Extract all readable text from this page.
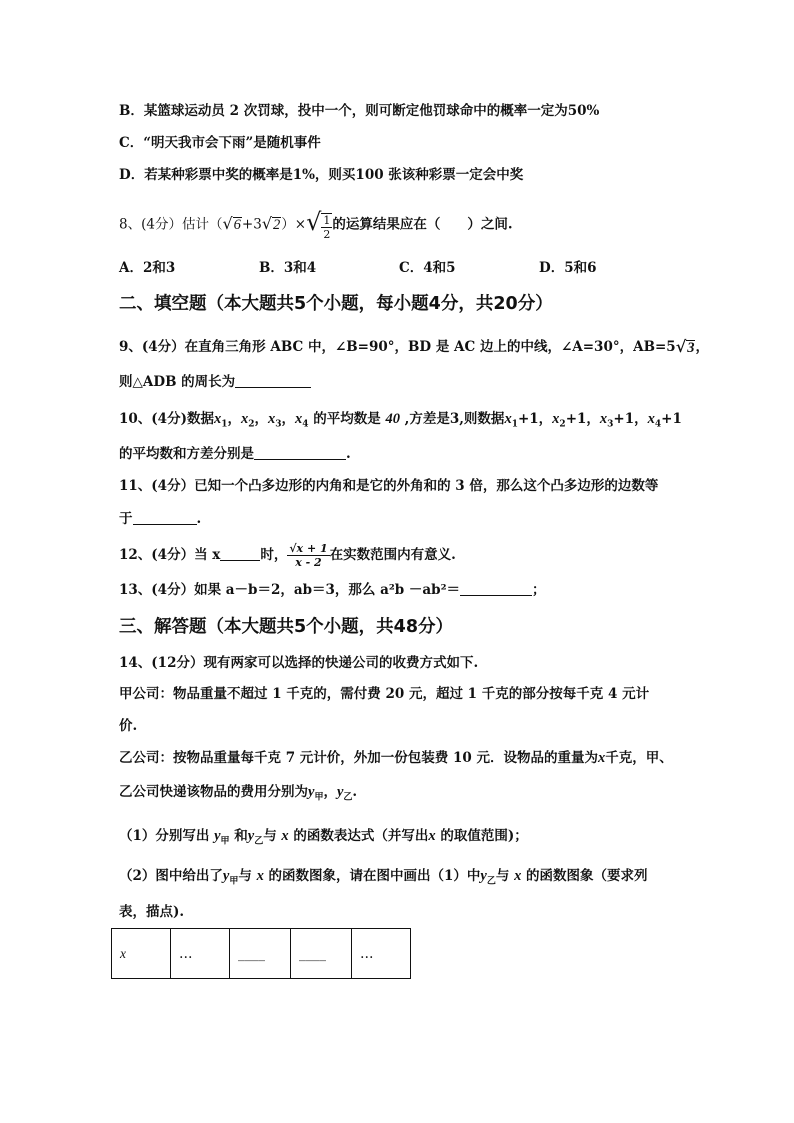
B．某篮球运动员 2 次罚球，投中一个，则可断定他罚球命中的概率一定为50%
C．“明天我市会下雨”是随机事件
D．若某种彩票中奖的概率是1%，则买100 张该种彩票一定会中奖
8、(4分）估计$(√6+3√2)\times√ \frac{1}{2}$ 的运算结果应在（　　）之间.
A．2和3	B．3和4	C．4和5	D．5和6
二、填空题（本大题共5个小题，每小题4分，共20分）
9、(4分）在直角三角形 ABC 中，∠B=90°，BD 是 AC 边上的中线，∠A=30°，AB=5√3，
则△ADB 的周长为
10、(4分)数据$x_1$，$x_2$，$x_3$，$x_4$ 的平均数是 40 ,方差是3,则数据$x_1+1$，$x_2+1$，$x_3+1$，$x_4+1$
的平均数和方差分别是	.
11、(4分）已知一个凸多边形的内角和是它的外角和的 3 倍，那么这个凸多边形的边数等
于	.
12、(4分）当 x	时， $\frac{√x + 1}{x - 2}$ 在实数范围内有意义.
13、(4分）如果 a－b＝2，ab＝3，那么 a²b －ab²＝	；
三、解答题（本大题共5个小题，共48分）
14、(12分）现有两家可以选择的快递公司的收费方式如下.
甲公司：物品重量不超过 1 千克的，需付费 20 元，超过 1 千克的部分按每千克 4 元计
价.
乙公司：按物品重量每千克 7 元计价，外加一份包装费 10 元．设物品的重量为x千克，甲、
乙公司快递该物品的费用分别为$y_甲$，$y_乙$.
（1）分别写出 $y_甲$ 和$y_乙$与 x 的函数表达式（并写出x 的取值范围)；
（2）图中给出了$y_甲$与 x 的函数图象，请在图中画出（1）中$y_乙$与 x 的函数图象（要求列
表，描点).
x	…	____	____	…
